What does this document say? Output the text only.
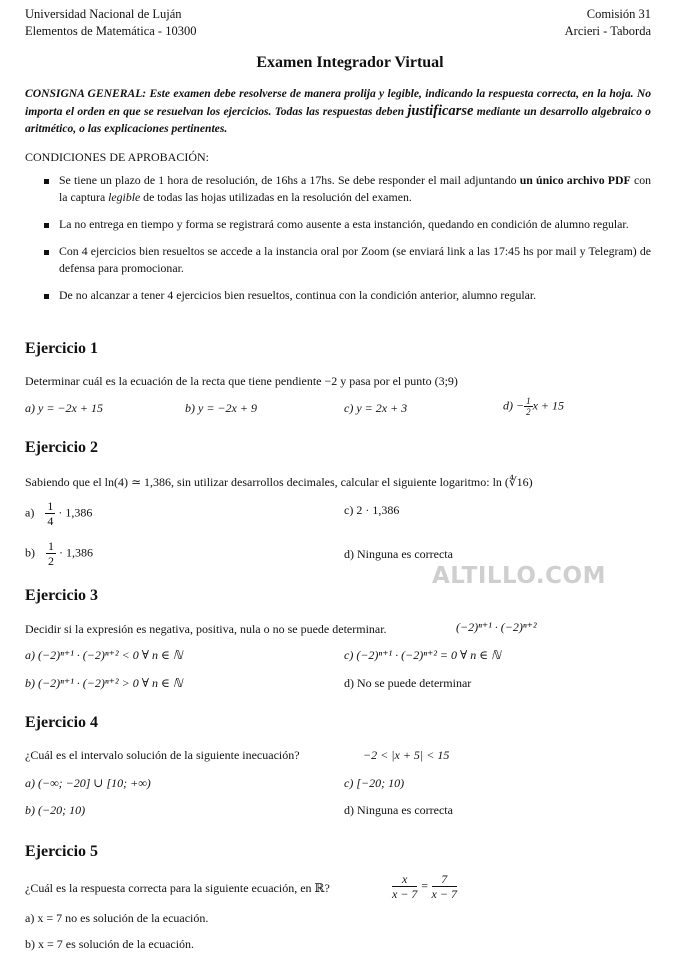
Universidad Nacional de Luján
Elementos de Matemática - 10300
Comisión 31
Arcieri - Taborda
Examen Integrador Virtual
CONSIGNA GENERAL: Este examen debe resolverse de manera prolija y legible, indicando la respuesta correcta, en la hoja. No importa el orden en que se resuelvan los ejercicios. Todas las respuestas deben justificarse mediante un desarrollo algebraico o aritmético, o las explicaciones pertinentes.
CONDICIONES DE APROBACIÓN:
Se tiene un plazo de 1 hora de resolución, de 16hs a 17hs. Se debe responder el mail adjuntando un único archivo PDF con la captura legible de todas las hojas utilizadas en la resolución del examen.
La no entrega en tiempo y forma se registrará como ausente a esta instanción, quedando en condición de alumno regular.
Con 4 ejercicios bien resueltos se accede a la instancia oral por Zoom (se enviará link a las 17:45 hs por mail y Telegram) de defensa para promocionar.
De no alcanzar a tener 4 ejercicios bien resueltos, continua con la condición anterior, alumno regular.
Ejercicio 1
Determinar cuál es la ecuación de la recta que tiene pendiente −2 y pasa por el punto (3;9)
a) y = −2x + 15	b) y = −2x + 9	c) y = 2x + 3	$d) - \frac{1}{2}$ x + 15
Ejercicio 2
Sabiendo que el ln(4) ≃ 1,386, sin utilizar desarrollos decimales, calcular el siguiente logaritmo: ln (∜16)
$a) \frac{1}{4} \cdot 1,386$	c) 2 · 1,386
$b) \frac{1}{2} \cdot 1,386$	d) Ninguna es correcta
ALTILLO.COM
Ejercicio 3
Decidir si la expresión es negativa, positiva, nula o no se puede determinar.	(−2)ⁿ⁺¹ · (−2)ⁿ⁺²
a) (−2)ⁿ⁺¹ · (−2)ⁿ⁺² < 0 ∀ n ∈ ℕ	c) (−2)ⁿ⁺¹ · (−2)ⁿ⁺² = 0 ∀ n ∈ ℕ
b) (−2)ⁿ⁺¹ · (−2)ⁿ⁺² > 0 ∀ n ∈ ℕ	d) No se puede determinar
Ejercicio 4
¿Cuál es el intervalo solución de la siguiente inecuación?	−2 < |x + 5| < 15
a) (−∞; −20] ∪ [10; +∞)	c) [−20; 10)
b) (−20; 10)	d) Ninguna es correcta
Ejercicio 5
¿Cuál es la respuesta correcta para la siguiente ecuación, en ℝ?	$\frac{x}{x - 7} = \frac{7}{x - 7}$
a) x = 7 no es solución de la ecuación.
b) x = 7 es solución de la ecuación.
